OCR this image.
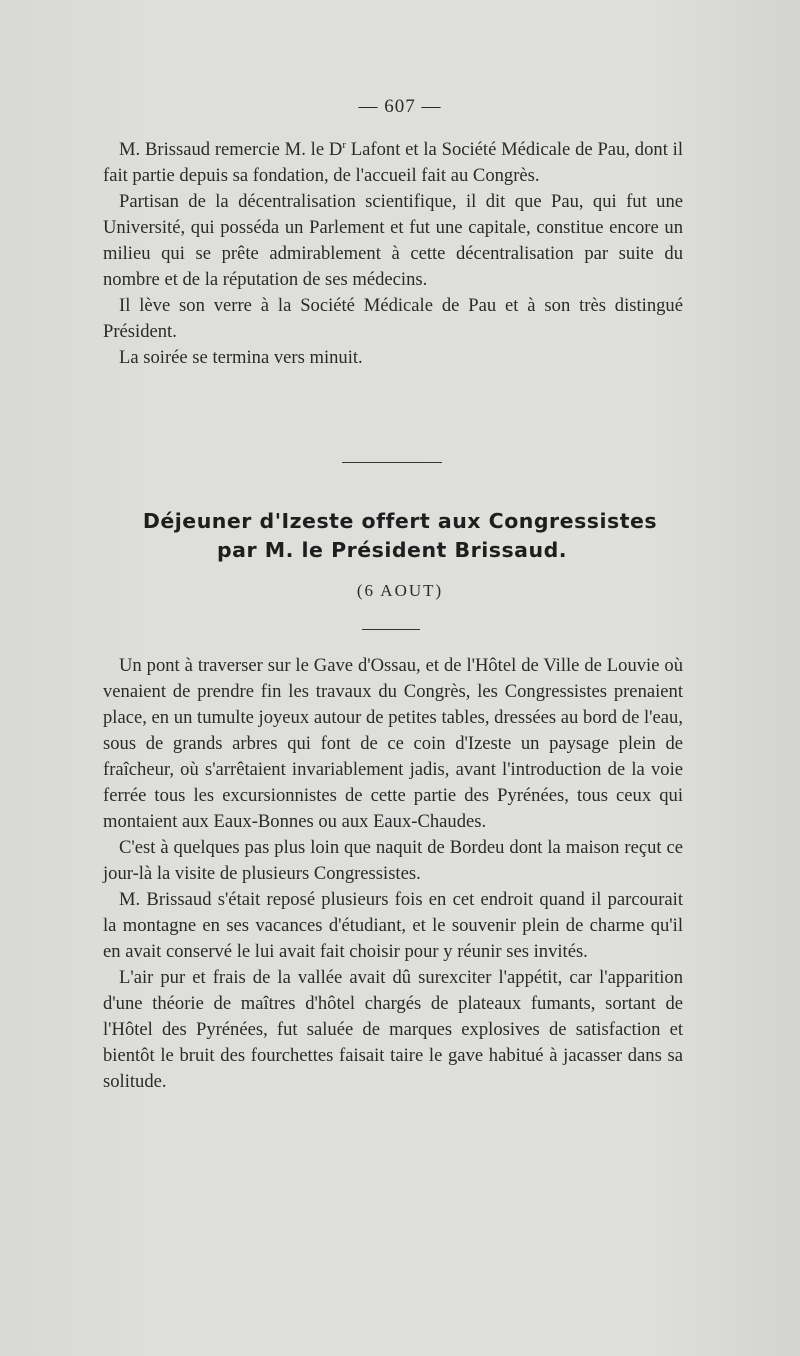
— 607 —

M. Brissaud remercie M. le $D^r$ Lafont et la Société Médicale de Pau, dont il fait partie depuis sa fondation, de l'accueil fait au Congrès.

Partisan de la décentralisation scientifique, il dit que Pau, qui fut une Université, qui posséda un Parlement et fut une capitale, constitue encore un milieu qui se prête admirablement à cette décentralisation par suite du nombre et de la réputation de ses médecins.

Il lève son verre à la Société Médicale de Pau et à son très distingué Président.

La soirée se termina vers minuit.

Déjeuner d'Izeste offert aux Congressistes
par M. le Président Brissaud.
(6 AOUT)

Un pont à traverser sur le Gave d'Ossau, et de l'Hôtel de Ville de Louvie où venaient de prendre fin les travaux du Congrès, les Congressistes prenaient place, en un tumulte joyeux autour de petites tables, dressées au bord de l'eau, sous de grands arbres qui font de ce coin d'Izeste un paysage plein de fraîcheur, où s'arrêtaient invariablement jadis, avant l'introduction de la voie ferrée tous les excursionnistes de cette partie des Pyrénées, tous ceux qui montaient aux Eaux-Bonnes ou aux Eaux-Chaudes.

C'est à quelques pas plus loin que naquit de Bordeu dont la maison reçut ce jour-là la visite de plusieurs Congressistes.

M. Brissaud s'était reposé plusieurs fois en cet endroit quand il parcourait la montagne en ses vacances d'étudiant, et le souvenir plein de charme qu'il en avait conservé le lui avait fait choisir pour y réunir ses invités.

L'air pur et frais de la vallée avait dû surexciter l'appétit, car l'apparition d'une théorie de maîtres d'hôtel chargés de plateaux fumants, sortant de l'Hôtel des Pyrénées, fut saluée de marques explosives de satisfaction et bientôt le bruit des fourchettes faisait taire le gave habitué à jacasser dans sa solitude.
